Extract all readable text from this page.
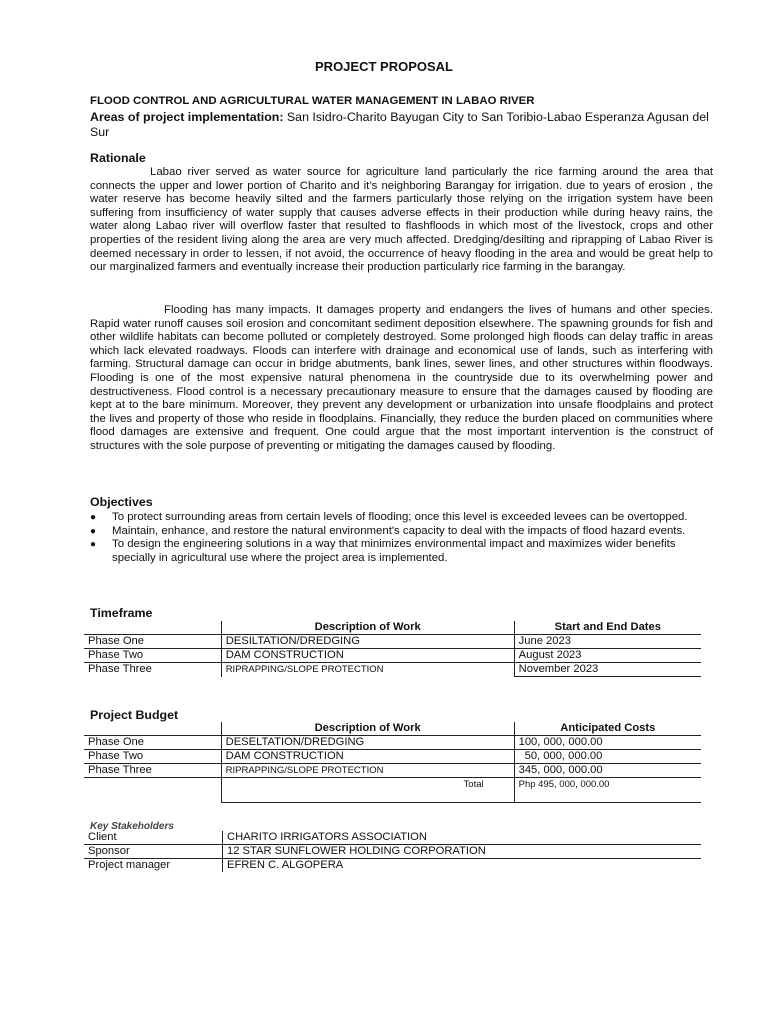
PROJECT PROPOSAL
FLOOD CONTROL AND AGRICULTURAL WATER MANAGEMENT IN LABAO RIVER
Areas of project implementation: San Isidro-Charito Bayugan City to San Toribio-Labao Esperanza Agusan del Sur
Rationale
Labao river served as water source for agriculture land particularly the rice farming around the area that connects the upper and lower portion of Charito and it’s neighboring Barangay for irrigation. due to years of erosion , the water reserve has become heavily silted and the farmers particularly those relying on the irrigation system have been suffering from insufficiency of water supply that causes adverse effects in their production while during heavy rains, the water along Labao river will overflow faster that resulted to flashfloods in which most of the livestock, crops and other properties of the resident living along the area are very much affected. Dredging/desilting and riprapping of Labao River is deemed necessary in order to lessen, if not avoid, the occurrence of heavy flooding in the area and would be great help to our marginalized farmers and eventually increase their production particularly rice farming in the barangay.
Flooding has many impacts. It damages property and endangers the lives of humans and other species. Rapid water runoff causes soil erosion and concomitant sediment deposition elsewhere. The spawning grounds for fish and other wildlife habitats can become polluted or completely destroyed. Some prolonged high floods can delay traffic in areas which lack elevated roadways. Floods can interfere with drainage and economical use of lands, such as interfering with farming. Structural damage can occur in bridge abutments, bank lines, sewer lines, and other structures within floodways. Flooding is one of the most expensive natural phenomena in the countryside due to its overwhelming power and destructiveness. Flood control is a necessary precautionary measure to ensure that the damages caused by flooding are kept at to the bare minimum. Moreover, they prevent any development or urbanization into unsafe floodplains and protect the lives and property of those who reside in floodplains. Financially, they reduce the burden placed on communities where flood damages are extensive and frequent. One could argue that the most important intervention is the construct of structures with the sole purpose of preventing or mitigating the damages caused by flooding.
Objectives
● To protect surrounding areas from certain levels of flooding; once this level is exceeded levees can be overtopped.
● Maintain, enhance, and restore the natural environment's capacity to deal with the impacts of flood hazard events.
● To design the engineering solutions in a way that minimizes environmental impact and maximizes wider benefits specially in agricultural use where the project area is implemented.
Timeframe
	Description of Work	Start and End Dates
Phase One	DESILTATION/DREDGING	June 2023
Phase Two	DAM CONSTRUCTION	August 2023
Phase Three	RIPRAPPING/SLOPE PROTECTION	November 2023
Project Budget
	Description of Work	Anticipated Costs
Phase One	DESELTATION/DREDGING	100, 000, 000.00
Phase Two	DAM CONSTRUCTION	50, 000, 000.00
Phase Three	RIPRAPPING/SLOPE PROTECTION	345, 000, 000.00
	Total	Php 495, 000, 000.00
Key Stakeholders
Client	CHARITO IRRIGATORS ASSOCIATION
Sponsor	12 STAR SUNFLOWER HOLDING CORPORATION
Project manager	EFREN C. ALGOPERA
